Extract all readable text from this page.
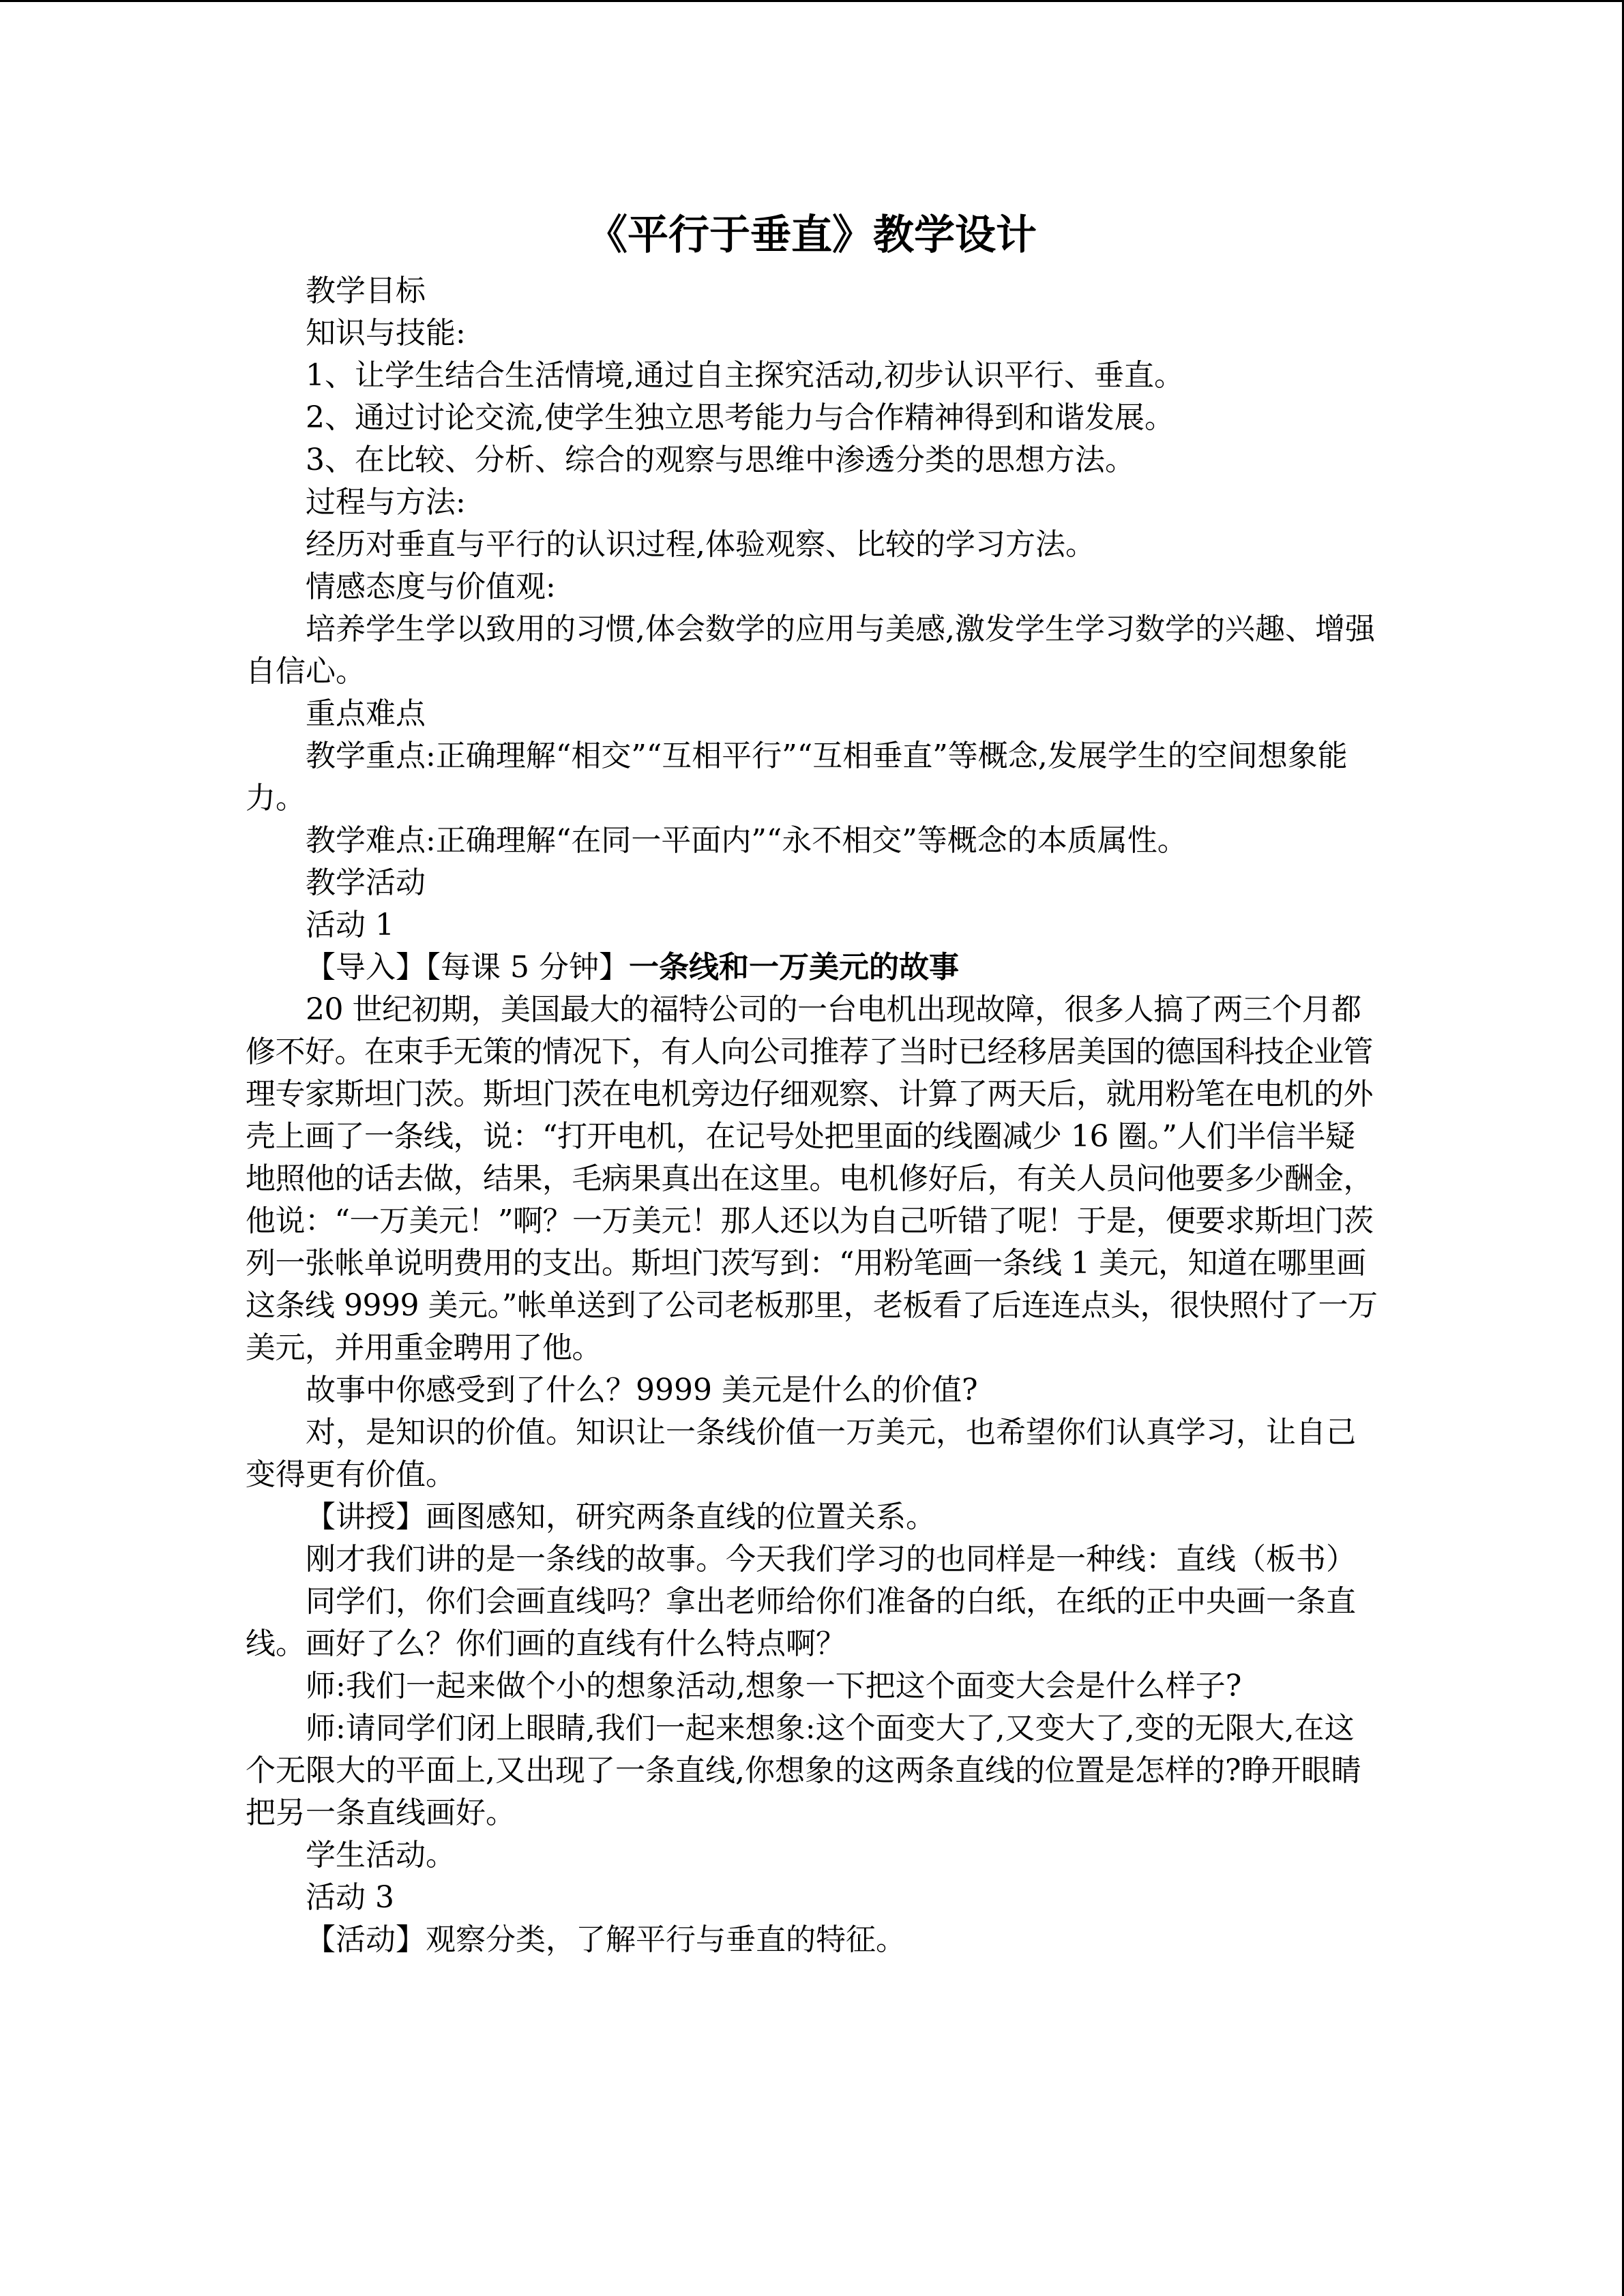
《平行于垂直》教学设计

教学目标

知识与技能:

1、让学生结合生活情境,通过自主探究活动,初步认识平行、垂直。

2、通过讨论交流,使学生独立思考能力与合作精神得到和谐发展。

3、在比较、分析、综合的观察与思维中渗透分类的思想方法。

过程与方法:

经历对垂直与平行的认识过程,体验观察、比较的学习方法。

情感态度与价值观:

培养学生学以致用的习惯,体会数学的应用与美感,激发学生学习数学的兴趣、增强自信心。

重点难点

教学重点:正确理解“相交”“互相平行”“互相垂直”等概念,发展学生的空间想象能力。

教学难点:正确理解“在同一平面内”“永不相交”等概念的本质属性。

教学活动

活动 1

【导入】【每课 5 分钟】一条线和一万美元的故事

20 世纪初期，美国最大的福特公司的一台电机出现故障，很多人搞了两三个月都修不好。在束手无策的情况下，有人向公司推荐了当时已经移居美国的德国科技企业管理专家斯坦门茨。斯坦门茨在电机旁边仔细观察、计算了两天后，就用粉笔在电机的外壳上画了一条线，说：“打开电机，在记号处把里面的线圈减少 16 圈。”人们半信半疑地照他的话去做，结果，毛病果真出在这里。电机修好后，有关人员问他要多少酬金，他说：“一万美元！”啊？一万美元！那人还以为自己听错了呢！于是，便要求斯坦门茨列一张帐单说明费用的支出。斯坦门茨写到：“用粉笔画一条线 1 美元，知道在哪里画这条线 9999 美元。”帐单送到了公司老板那里，老板看了后连连点头，很快照付了一万美元，并用重金聘用了他。

故事中你感受到了什么？9999 美元是什么的价值?

对，是知识的价值。知识让一条线价值一万美元，也希望你们认真学习，让自己变得更有价值。

【讲授】画图感知，研究两条直线的位置关系。

刚才我们讲的是一条线的故事。今天我们学习的也同样是一种线：直线（板书）

同学们，你们会画直线吗？拿出老师给你们准备的白纸，在纸的正中央画一条直线。画好了么？你们画的直线有什么特点啊？

师:我们一起来做个小的想象活动,想象一下把这个面变大会是什么样子?

师:请同学们闭上眼睛,我们一起来想象:这个面变大了,又变大了,变的无限大,在这个无限大的平面上,又出现了一条直线,你想象的这两条直线的位置是怎样的?睁开眼睛把另一条直线画好。

学生活动。

活动 3

【活动】观察分类，了解平行与垂直的特征。
